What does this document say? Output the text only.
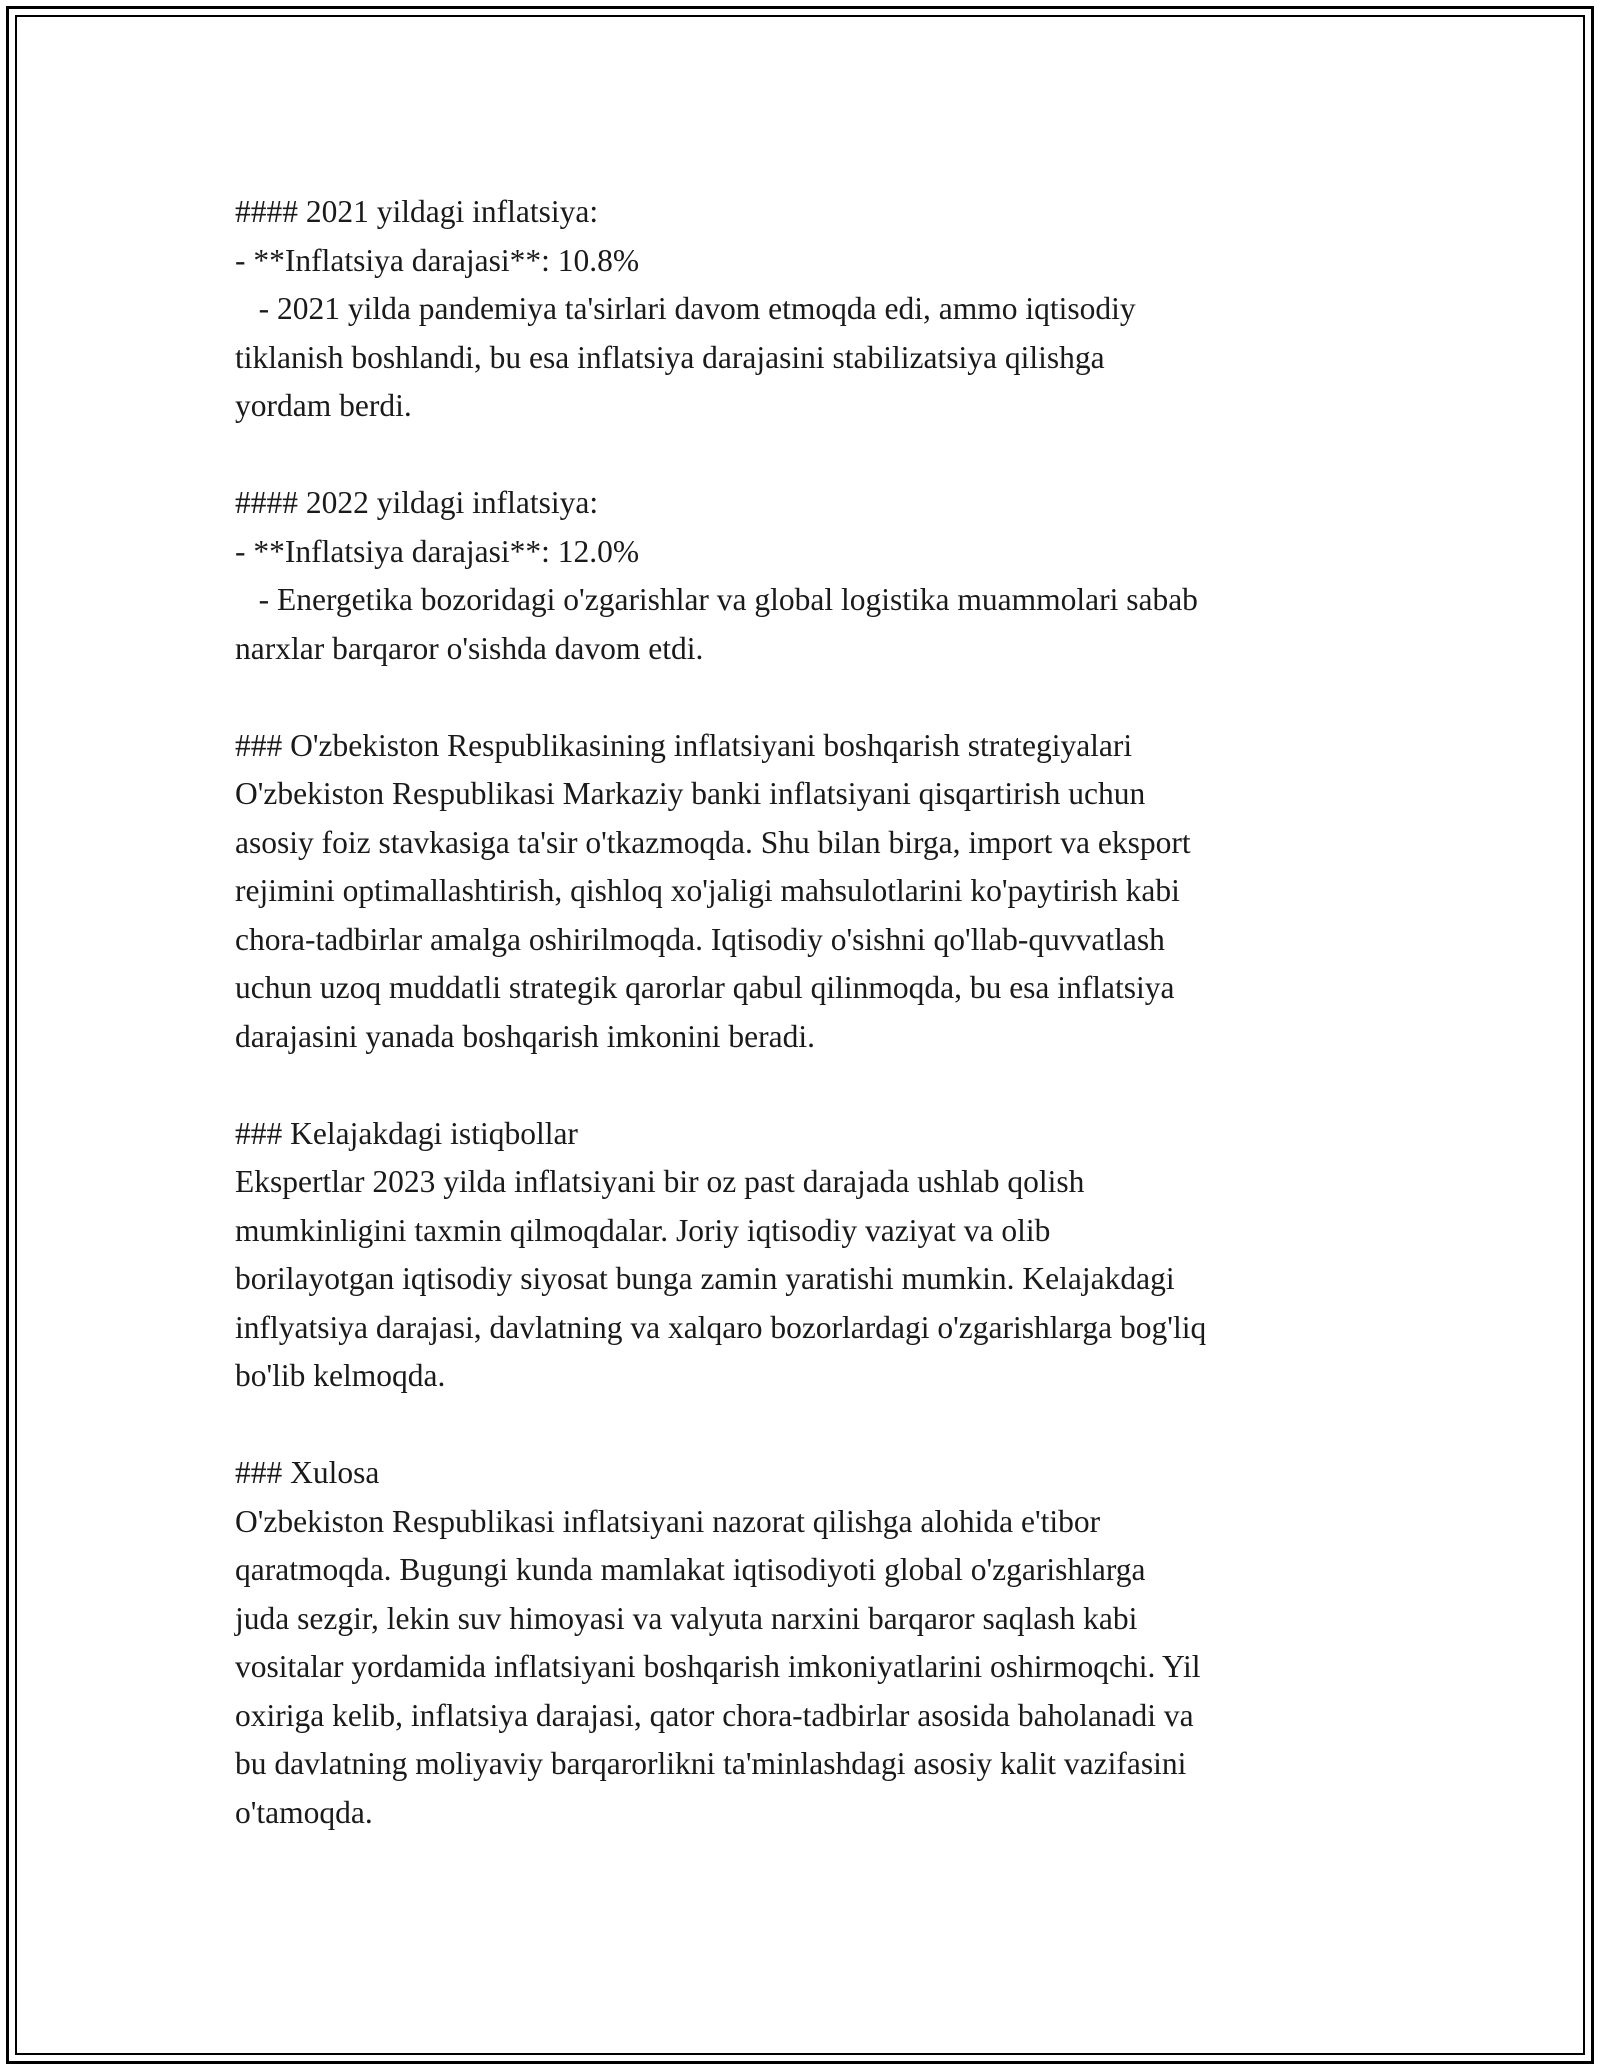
#### 2021 yildagi inflatsiya:
- **Inflatsiya darajasi**: 10.8%
- 2021 yilda pandemiya ta'sirlari davom etmoqda edi, ammo iqtisodiy
tiklanish boshlandi, bu esa inflatsiya darajasini stabilizatsiya qilishga
yordam berdi.
#### 2022 yildagi inflatsiya:
- **Inflatsiya darajasi**: 12.0%
- Energetika bozoridagi o'zgarishlar va global logistika muammolari sabab
narxlar barqaror o'sishda davom etdi.
### O'zbekiston Respublikasining inflatsiyani boshqarish strategiyalari
O'zbekiston Respublikasi Markaziy banki inflatsiyani qisqartirish uchun
asosiy foiz stavkasiga ta'sir o'tkazmoqda. Shu bilan birga, import va eksport
rejimini optimallashtirish, qishloq xo'jaligi mahsulotlarini ko'paytirish kabi
chora-tadbirlar amalga oshirilmoqda. Iqtisodiy o'sishni qo'llab-quvvatlash
uchun uzoq muddatli strategik qarorlar qabul qilinmoqda, bu esa inflatsiya
darajasini yanada boshqarish imkonini beradi.
### Kelajakdagi istiqbollar
Ekspertlar 2023 yilda inflatsiyani bir oz past darajada ushlab qolish
mumkinligini taxmin qilmoqdalar. Joriy iqtisodiy vaziyat va olib
borilayotgan iqtisodiy siyosat bunga zamin yaratishi mumkin. Kelajakdagi
inflyatsiya darajasi, davlatning va xalqaro bozorlardagi o'zgarishlarga bog'liq
bo'lib kelmoqda.
### Xulosa
O'zbekiston Respublikasi inflatsiyani nazorat qilishga alohida e'tibor
qaratmoqda. Bugungi kunda mamlakat iqtisodiyoti global o'zgarishlarga
juda sezgir, lekin suv himoyasi va valyuta narxini barqaror saqlash kabi
vositalar yordamida inflatsiyani boshqarish imkoniyatlarini oshirmoqchi. Yil
oxiriga kelib, inflatsiya darajasi, qator chora-tadbirlar asosida baholanadi va
bu davlatning moliyaviy barqarorlikni ta'minlashdagi asosiy kalit vazifasini
o'tamoqda.
